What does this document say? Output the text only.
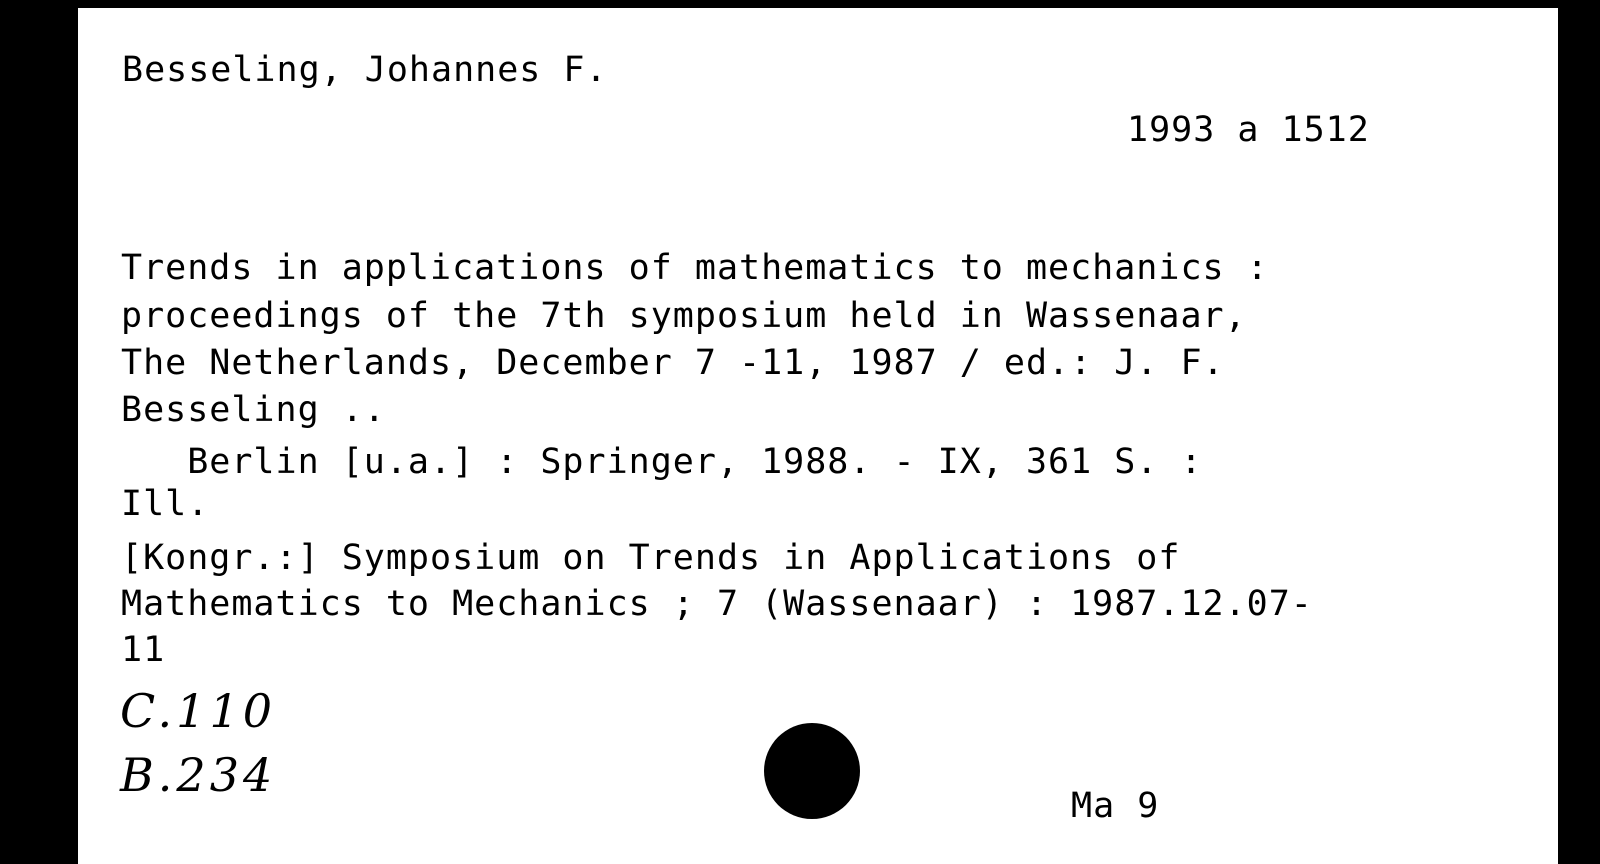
Besseling, Johannes F.
1993 a 1512
Trends in applications of mathematics to mechanics :
proceedings of the 7th symposium held in Wassenaar,
The Netherlands, December 7 -11, 1987 / ed.: J. F.
Besseling ..
Berlin [u.a.] : Springer, 1988. - IX, 361 S. :
Ill.
[Kongr.:] Symposium on Trends in Applications of
Mathematics to Mechanics ; 7 (Wassenaar) : 1987.12.07-
11
C.110
B.234
Ma 9
